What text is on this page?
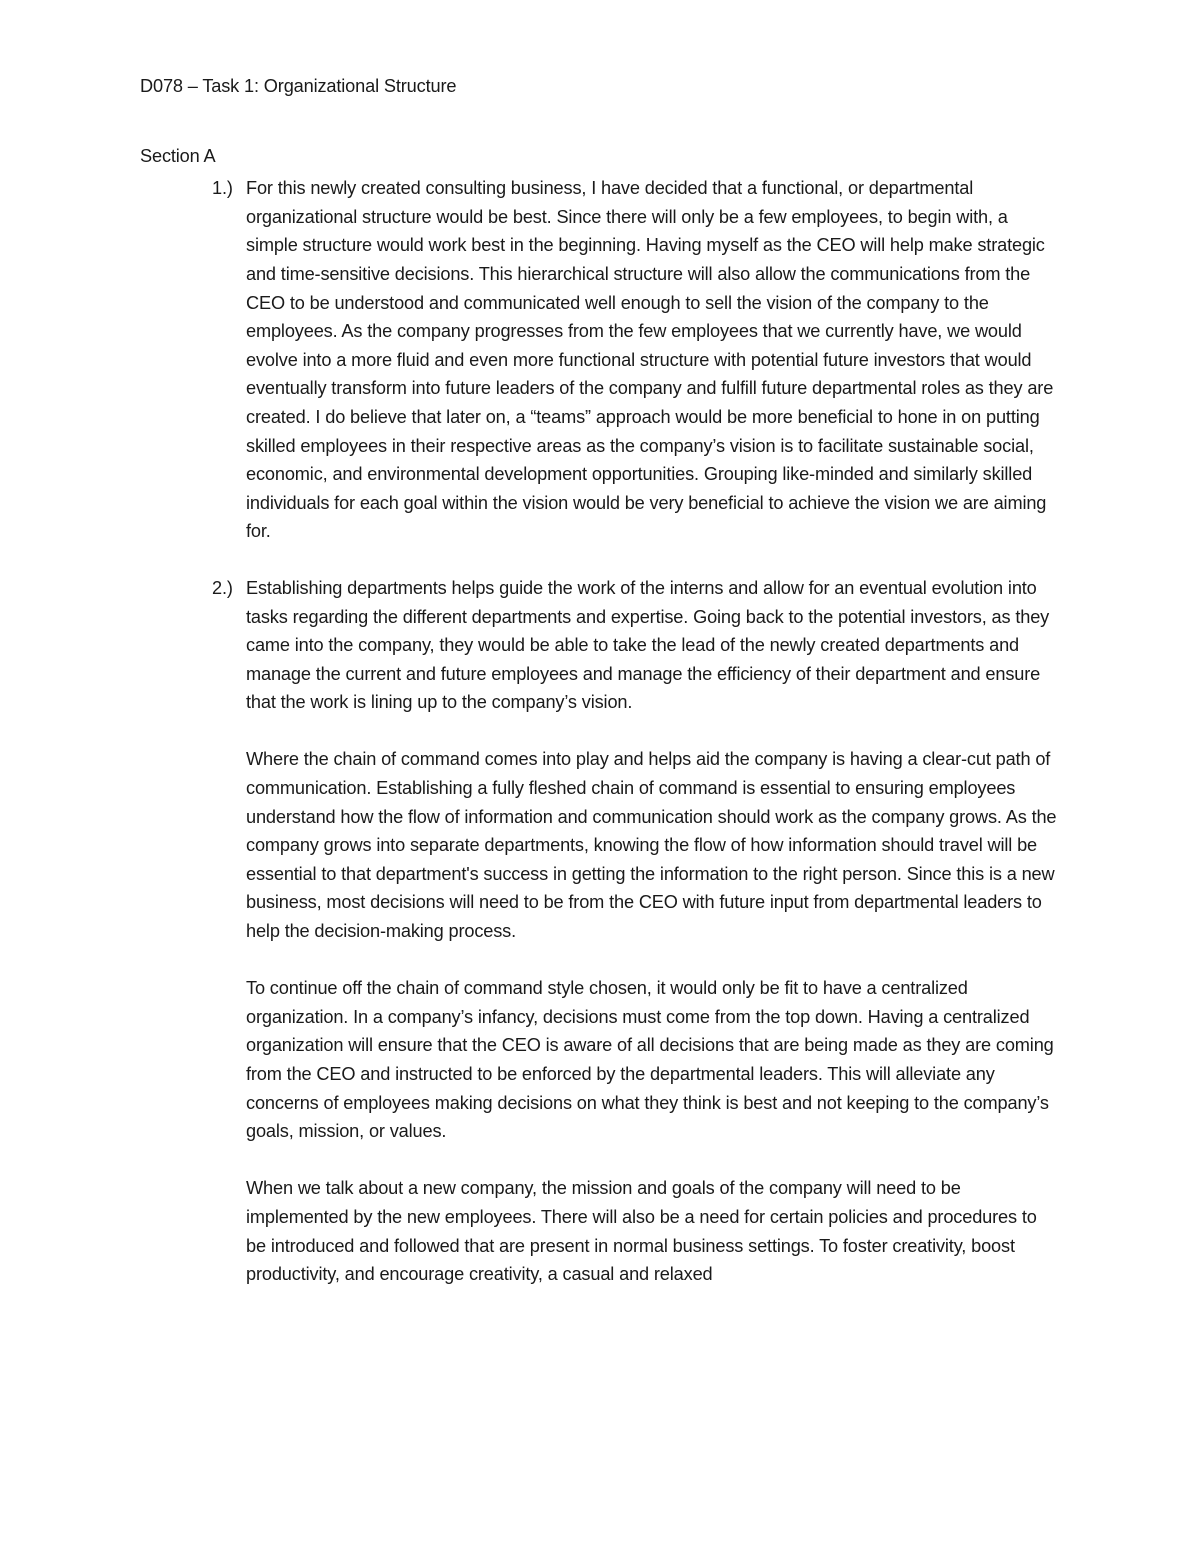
D078 – Task 1: Organizational Structure
Section A
1.) For this newly created consulting business, I have decided that a functional, or departmental organizational structure would be best. Since there will only be a few employees, to begin with, a simple structure would work best in the beginning. Having myself as the CEO will help make strategic and time-sensitive decisions. This hierarchical structure will also allow the communications from the CEO to be understood and communicated well enough to sell the vision of the company to the employees. As the company progresses from the few employees that we currently have, we would evolve into a more fluid and even more functional structure with potential future investors that would eventually transform into future leaders of the company and fulfill future departmental roles as they are created. I do believe that later on, a “teams” approach would be more beneficial to hone in on putting skilled employees in their respective areas as the company’s vision is to facilitate sustainable social, economic, and environmental development opportunities. Grouping like-minded and similarly skilled individuals for each goal within the vision would be very beneficial to achieve the vision we are aiming for.

2.) Establishing departments helps guide the work of the interns and allow for an eventual evolution into tasks regarding the different departments and expertise. Going back to the potential investors, as they came into the company, they would be able to take the lead of the newly created departments and manage the current and future employees and manage the efficiency of their department and ensure that the work is lining up to the company’s vision.

Where the chain of command comes into play and helps aid the company is having a clear-cut path of communication. Establishing a fully fleshed chain of command is essential to ensuring employees understand how the flow of information and communication should work as the company grows. As the company grows into separate departments, knowing the flow of how information should travel will be essential to that department's success in getting the information to the right person. Since this is a new business, most decisions will need to be from the CEO with future input from departmental leaders to help the decision-making process.

To continue off the chain of command style chosen, it would only be fit to have a centralized organization. In a company’s infancy, decisions must come from the top down. Having a centralized organization will ensure that the CEO is aware of all decisions that are being made as they are coming from the CEO and instructed to be enforced by the departmental leaders. This will alleviate any concerns of employees making decisions on what they think is best and not keeping to the company’s goals, mission, or values.

When we talk about a new company, the mission and goals of the company will need to be implemented by the new employees. There will also be a need for certain policies and procedures to be introduced and followed that are present in normal business settings. To foster creativity, boost productivity, and encourage creativity, a casual and relaxed
